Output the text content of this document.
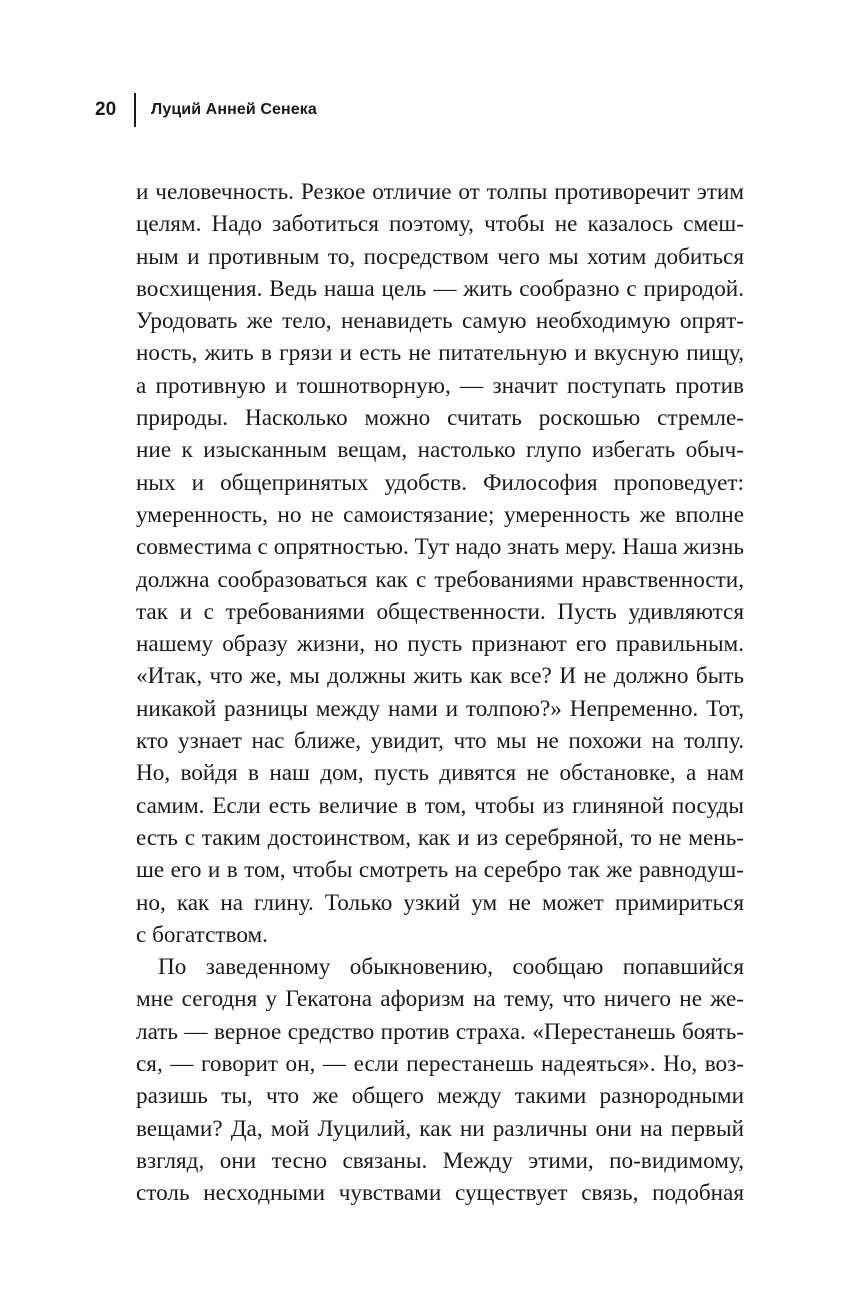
20	Луций Анней Сенека
и человечность. Резкое отличие от толпы противоречит этим
целям. Надо заботиться поэтому, чтобы не казалось смеш-
ным и противным то, посредством чего мы хотим добиться
восхищения. Ведь наша цель — жить сообразно с природой.
Уродовать же тело, ненавидеть самую необходимую опрят-
ность, жить в грязи и есть не питательную и вкусную пищу,
а противную и тошнотворную, — значит поступать против
природы. Насколько можно считать роскошью стремле-
ние к изысканным вещам, настолько глупо избегать обыч-
ных и общепринятых удобств. Философия проповедует:
умеренность, но не самоистязание; умеренность же вполне
совместима с опрятностью. Тут надо знать меру. Наша жизнь
должна сообразоваться как с требованиями нравственности,
так и с требованиями общественности. Пусть удивляются
нашему образу жизни, но пусть признают его правильным.
«Итак, что же, мы должны жить как все? И не должно быть
никакой разницы между нами и толпою?» Непременно. Тот,
кто узнает нас ближе, увидит, что мы не похожи на толпу.
Но, войдя в наш дом, пусть дивятся не обстановке, а нам
самим. Если есть величие в том, чтобы из глиняной посуды
есть с таким достоинством, как и из серебряной, то не мень-
ше его и в том, чтобы смотреть на серебро так же равнодуш-
но, как на глину. Только узкий ум не может примириться
с богатством.
По заведенному обыкновению, сообщаю попавшийся
мне сегодня у Гекатона афоризм на тему, что ничего не же-
лать — верное средство против страха. «Перестанешь боять-
ся, — говорит он, — если перестанешь надеяться». Но, воз-
разишь ты, что же общего между такими разнородными
вещами? Да, мой Луцилий, как ни различны они на первый
взгляд, они тесно связаны. Между этими, по-видимому,
столь несходными чувствами существует связь, подобная
